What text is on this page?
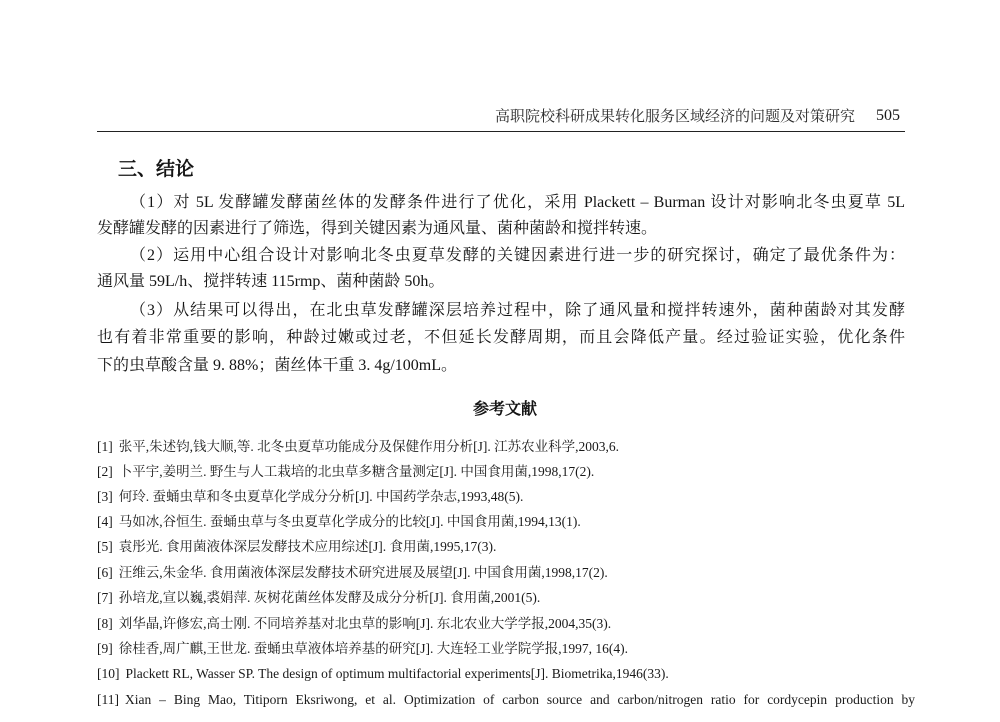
高职院校科研成果转化服务区域经济的问题及对策研究 505
三、结论
（1）对 5L 发酵罐发酵菌丝体的发酵条件进行了优化，采用 Plackett – Burman 设计对影响北冬虫夏草 5L
发酵罐发酵的因素进行了筛选，得到关键因素为通风量、菌种菌龄和搅拌转速。
（2）运用中心组合设计对影响北冬虫夏草发酵的关键因素进行进一步的研究探讨，确定了最优条件为：
通风量 59L/h、搅拌转速 115rmp、菌种菌龄 50h。
（3）从结果可以得出，在北虫草发酵罐深层培养过程中，除了通风量和搅拌转速外，菌种菌龄对其发酵
也有着非常重要的影响，种龄过嫩或过老，不但延长发酵周期，而且会降低产量。经过验证实验，优化条件
下的虫草酸含量 9. 88%；菌丝体干重 3. 4g/100mL。
参考文献
[1] 张平,朱述钧,钱大顺,等. 北冬虫夏草功能成分及保健作用分析[J]. 江苏农业科学,2003,6.
[2] 卜平宇,姜明兰. 野生与人工栽培的北虫草多糖含量测定[J]. 中国食用菌,1998,17(2).
[3] 何玲. 蚕蛹虫草和冬虫夏草化学成分分析[J]. 中国药学杂志,1993,48(5).
[4] 马如冰,谷恒生. 蚕蛹虫草与冬虫夏草化学成分的比较[J]. 中国食用菌,1994,13(1).
[5] 袁彤光. 食用菌液体深层发酵技术应用综述[J]. 食用菌,1995,17(3).
[6] 汪维云,朱金华. 食用菌液体深层发酵技术研究进展及展望[J]. 中国食用菌,1998,17(2).
[7] 孙培龙,宣以巍,裘娟萍. 灰树花菌丝体发酵及成分分析[J]. 食用菌,2001(5).
[8] 刘华晶,许修宏,高士刚. 不同培养基对北虫草的影响[J]. 东北农业大学学报,2004,35(3).
[9] 徐桂香,周广麒,王世龙. 蚕蛹虫草液体培养基的研究[J]. 大连轻工业学院学报,1997, 16(4).
[10] Plackett RL, Wasser SP. The design of optimum multifactorial experiments[J]. Biometrika,1946(33).
[11] Xian – Bing Mao, Titiporn Eksriwong, et al. Optimization of carbon source and carbon/nitrogen ratio for cordycepin production by
